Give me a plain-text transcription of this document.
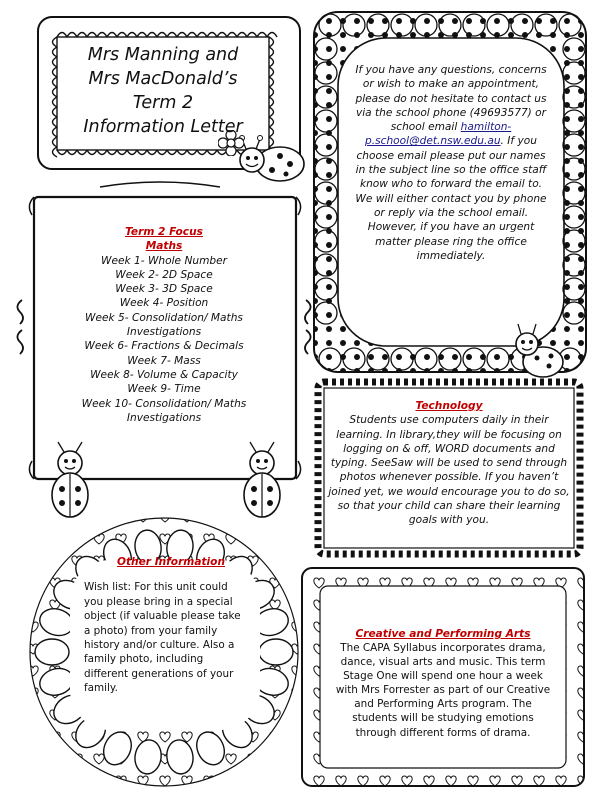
Mrs Manning and
Mrs MacDonald’s
Term 2
Information Letter
If you have any questions, concerns or wish to make an appointment, please do not hesitate to contact us via the school phone (49693577) or school email hamilton-p.school@det.nsw.edu.au. If you choose email please put our names in the subject line so the office staff know who to forward the email to. We will either contact you by phone or reply via the school email. However, if you have an urgent matter please ring the office immediately.
Term 2 Focus
Maths
Week 1- Whole Number
Week 2- 2D Space
Week 3- 3D Space
Week 4- Position
Week 5- Consolidation/ Maths Investigations
Week 6- Fractions & Decimals
Week 7- Mass
Week 8- Volume & Capacity
Week 9- Time
Week 10- Consolidation/ Maths Investigations
Technology
Students use computers daily in their learning. In library,they will be focusing on logging on & off, WORD documents and typing. SeeSaw will be used to send through photos whenever possible. If you haven’t joined yet, we would encourage you to do so, so that your child can share their learning goals with you.
Other Information
Wish list: For this unit could you please bring in a special object (if valuable please take a photo) from your family history and/or culture. Also a family photo, including different generations of your family.
Creative and Performing Arts
The CAPA Syllabus incorporates drama, dance, visual arts and music. This term Stage One will spend one hour a week with Mrs Forrester as part of our Creative and Performing Arts program. The students will be studying emotions through different forms of drama.
